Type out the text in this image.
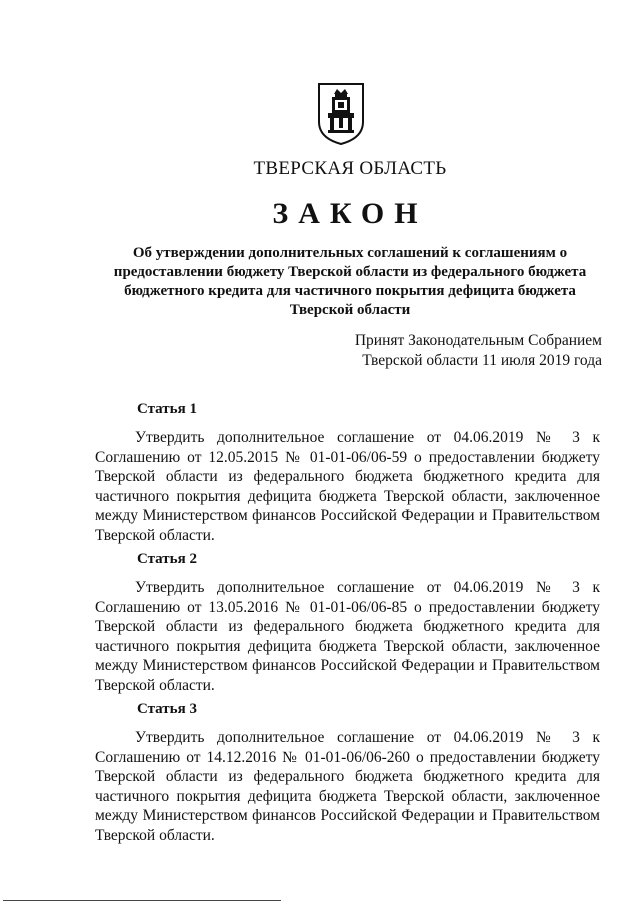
ТВЕРСКАЯ ОБЛАСТЬ
ЗАКОН
Об утверждении дополнительных соглашений к соглашениям о предоставлении бюджету Тверской области из федерального бюджета бюджетного кредита для частичного покрытия дефицита бюджета Тверской области
Принят Законодательным Собранием
Тверской области 11 июля 2019 года
Статья 1
Утвердить дополнительное соглашение от 04.06.2019 № 3 к Соглашению от 12.05.2015 № 01-01-06/06-59 о предоставлении бюджету Тверской области из федерального бюджета бюджетного кредита для частичного покрытия дефицита бюджета Тверской области, заключенное между Министерством финансов Российской Федерации и Правительством Тверской области.
Статья 2
Утвердить дополнительное соглашение от 04.06.2019 № 3 к Соглашению от 13.05.2016 № 01-01-06/06-85 о предоставлении бюджету Тверской области из федерального бюджета бюджетного кредита для частичного покрытия дефицита бюджета Тверской области, заключенное между Министерством финансов Российской Федерации и Правительством Тверской области.
Статья 3
Утвердить дополнительное соглашение от 04.06.2019 № 3 к Соглашению от 14.12.2016 № 01-01-06/06-260 о предоставлении бюджету Тверской области из федерального бюджета бюджетного кредита для частичного покрытия дефицита бюджета Тверской области, заключенное между Министерством финансов Российской Федерации и Правительством Тверской области.
